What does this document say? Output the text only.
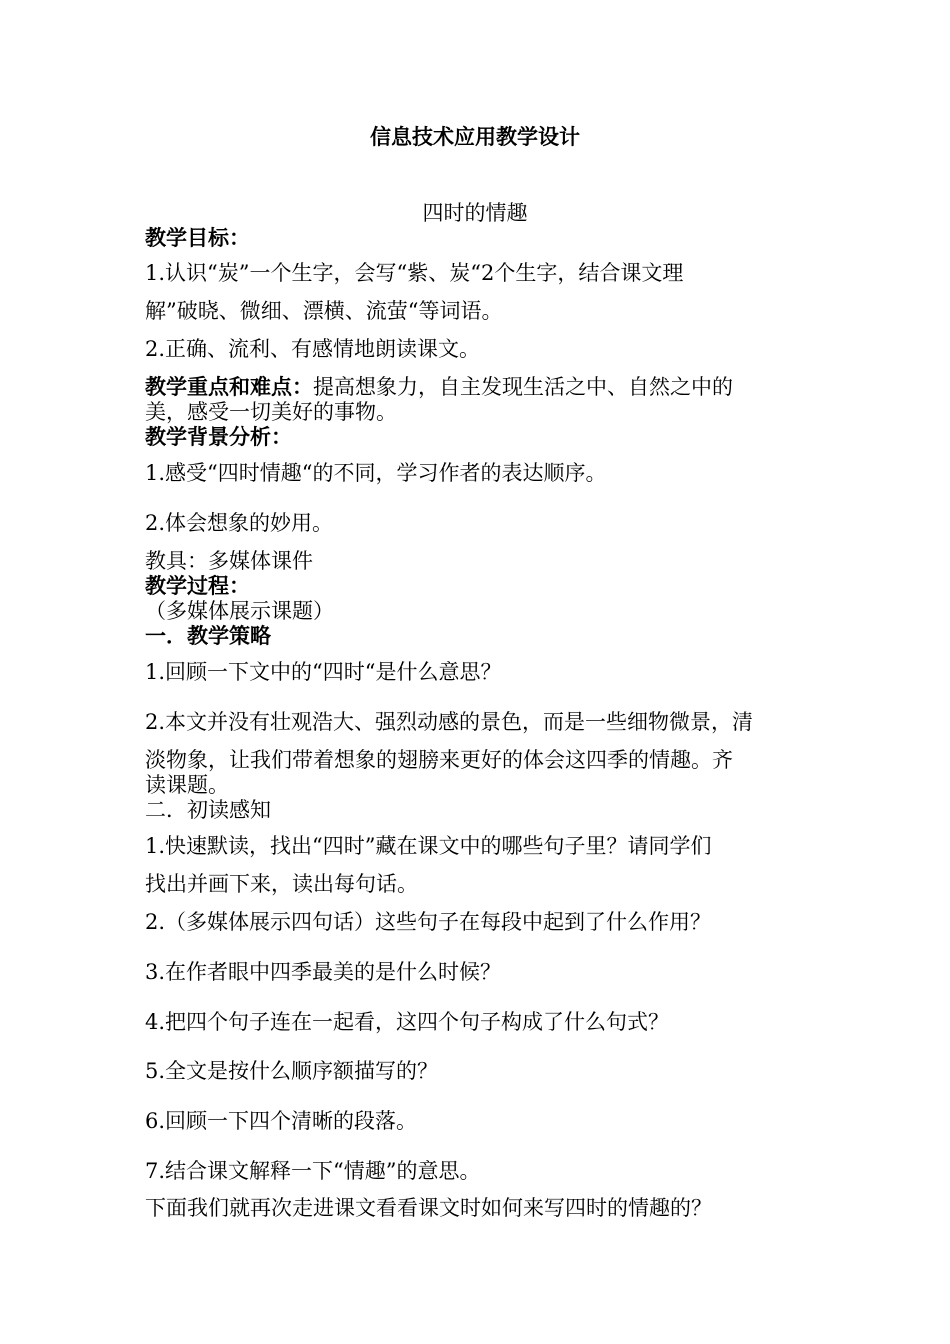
信息技术应用教学设计
四时的情趣
教学目标：
1.认识“炭”一个生字，会写“紫、炭“2个生字，结合课文理
解”破晓、微细、漂横、流萤“等词语。
2.正确、流利、有感情地朗读课文。
教学重点和难点：提高想象力，自主发现生活之中、自然之中的
美，感受一切美好的事物。
教学背景分析：
1.感受“四时情趣“的不同，学习作者的表达顺序。
2.体会想象的妙用。
教具：多媒体课件
教学过程：
（多媒体展示课题）
一．教学策略
1.回顾一下文中的“四时“是什么意思？
2.本文并没有壮观浩大、强烈动感的景色，而是一些细物微景，清
淡物象，让我们带着想象的翅膀来更好的体会这四季的情趣。齐
读课题。
二．初读感知
1.快速默读，找出“四时”藏在课文中的哪些句子里？请同学们
找出并画下来，读出每句话。
2.（多媒体展示四句话）这些句子在每段中起到了什么作用？
3.在作者眼中四季最美的是什么时候？
4.把四个句子连在一起看，这四个句子构成了什么句式？
5.全文是按什么顺序额描写的？
6.回顾一下四个清晰的段落。
7.结合课文解释一下“情趣”的意思。
下面我们就再次走进课文看看课文时如何来写四时的情趣的？
